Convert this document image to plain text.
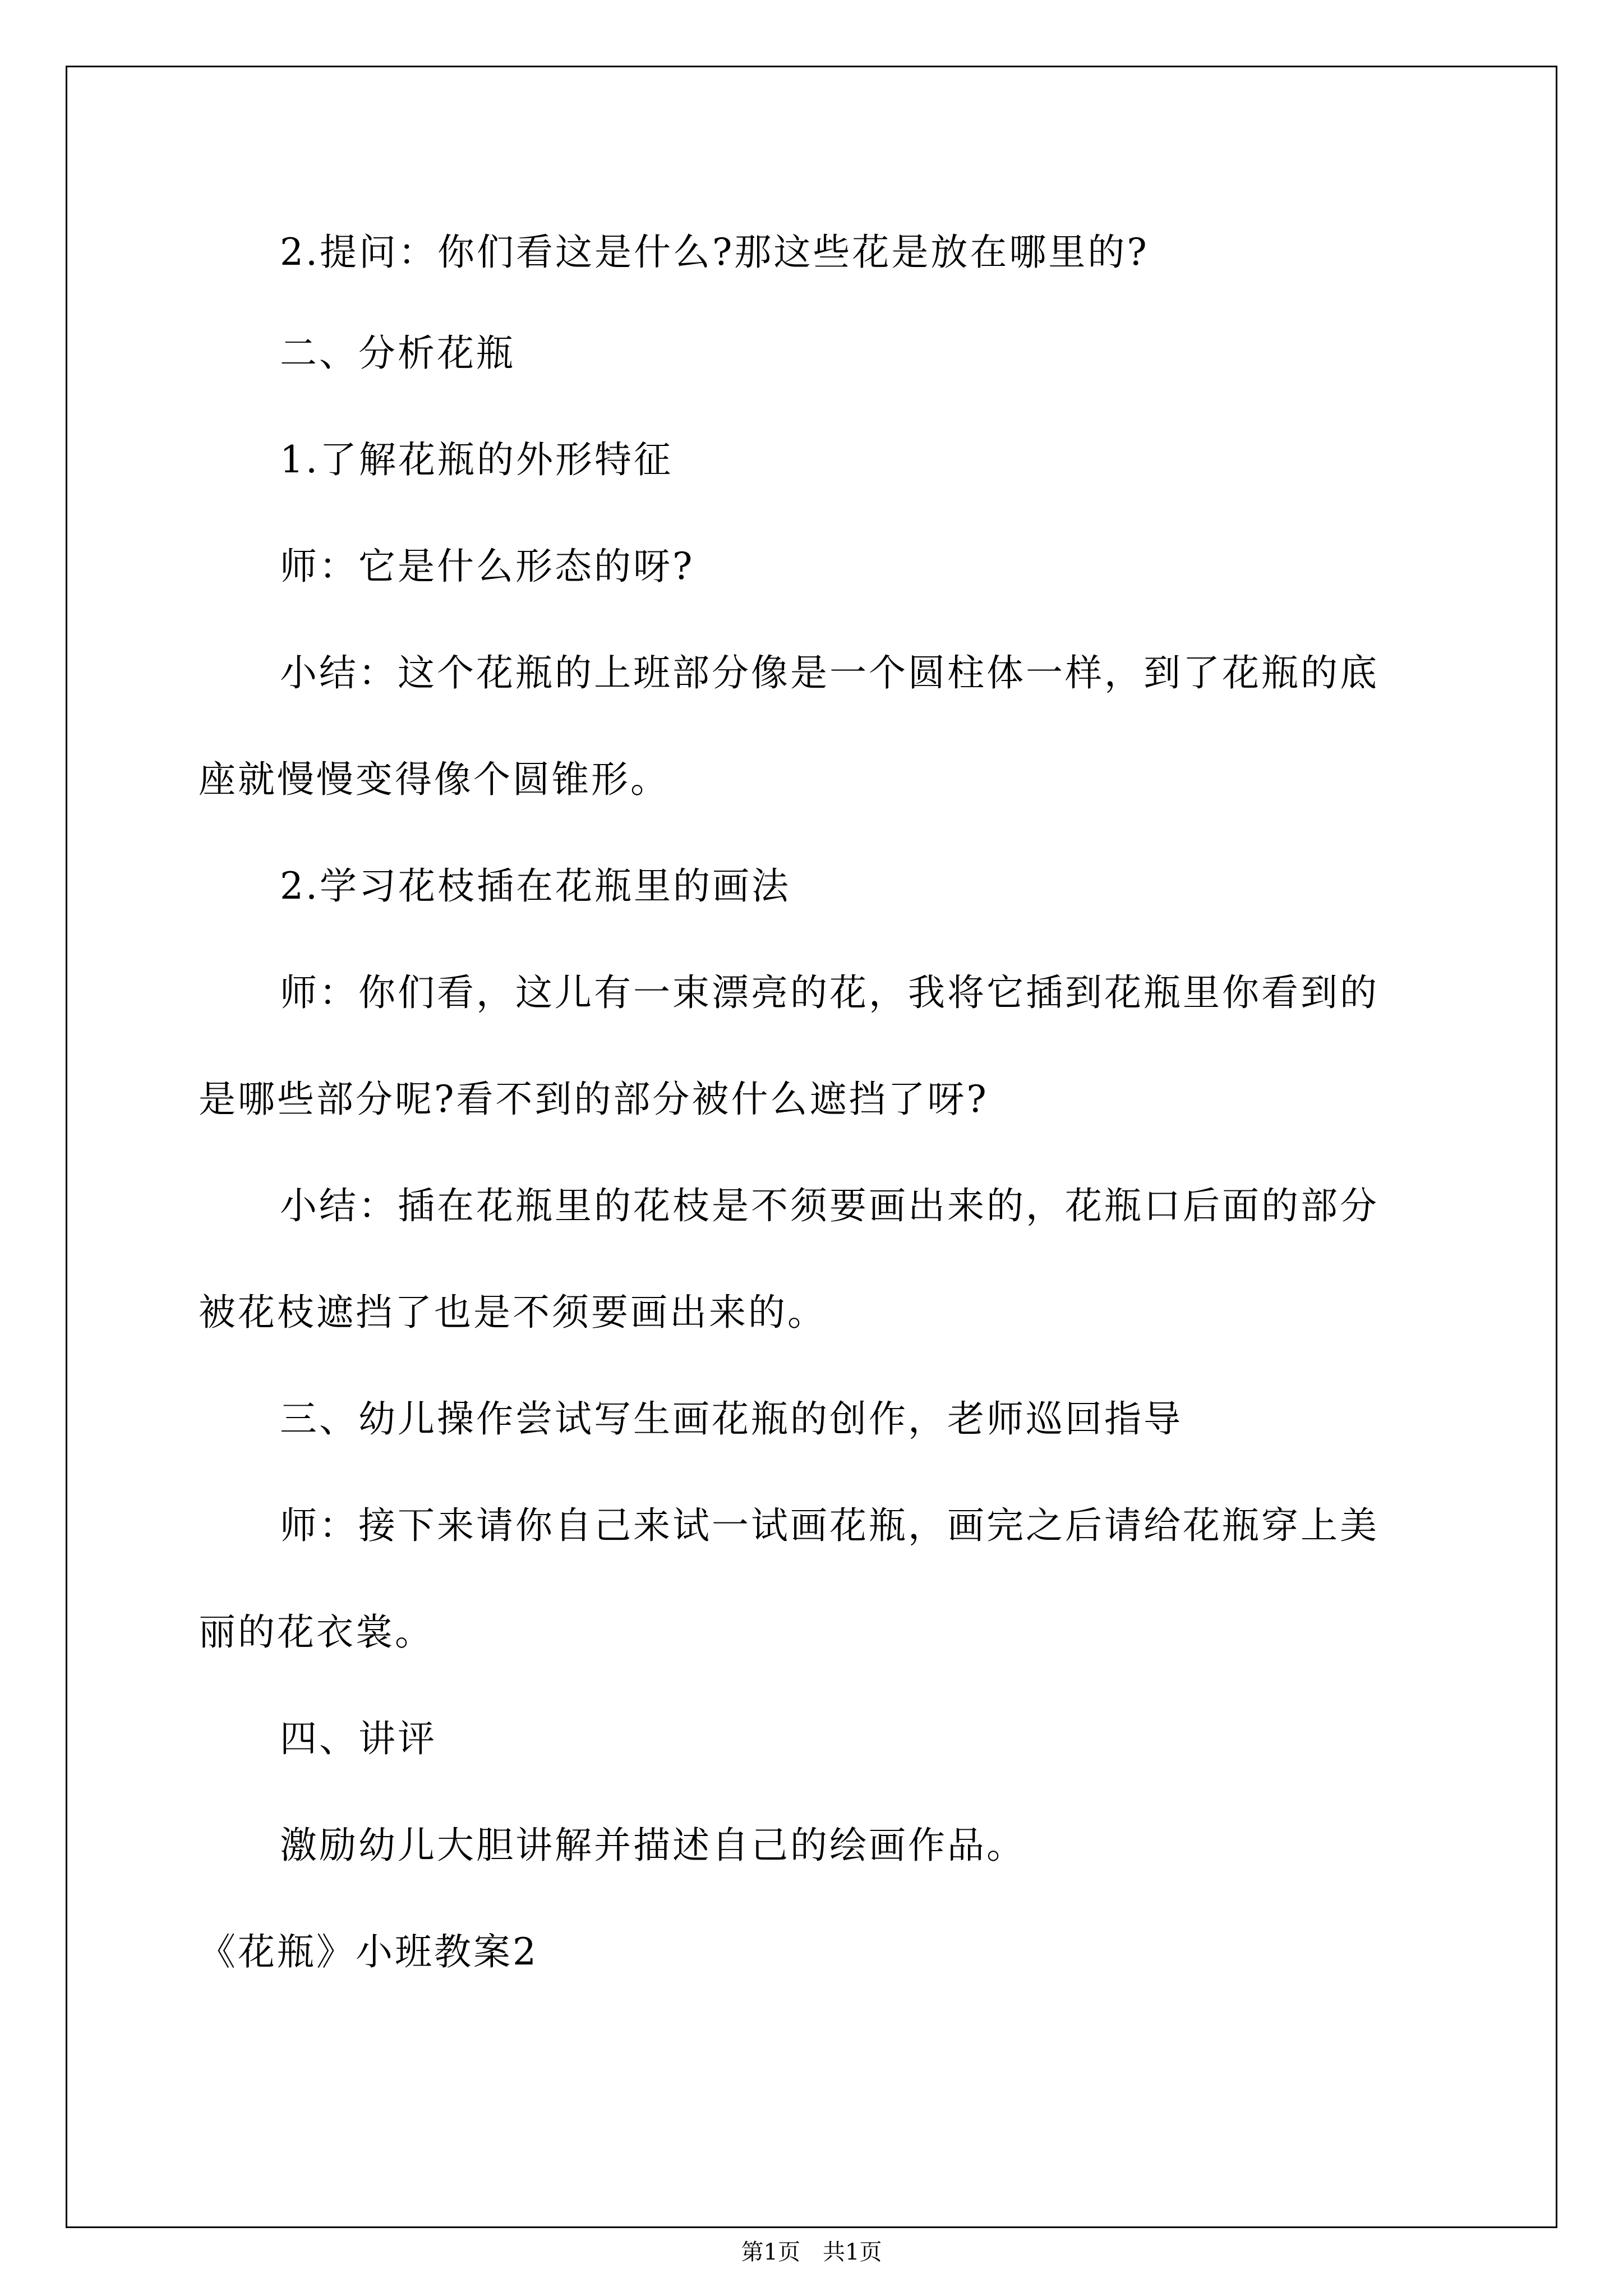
2.提问：你们看这是什么?那这些花是放在哪里的?
二、分析花瓶
1.了解花瓶的外形特征
师：它是什么形态的呀?
小结：这个花瓶的上班部分像是一个圆柱体一样，到了花瓶的底
座就慢慢变得像个圆锥形。
2.学习花枝插在花瓶里的画法
师：你们看，这儿有一束漂亮的花，我将它插到花瓶里你看到的
是哪些部分呢?看不到的部分被什么遮挡了呀?
小结：插在花瓶里的花枝是不须要画出来的，花瓶口后面的部分
被花枝遮挡了也是不须要画出来的。
三、幼儿操作尝试写生画花瓶的创作，老师巡回指导
师：接下来请你自己来试一试画花瓶，画完之后请给花瓶穿上美
丽的花衣裳。
四、讲评
激励幼儿大胆讲解并描述自己的绘画作品。
《花瓶》小班教案2
第1页　共1页
